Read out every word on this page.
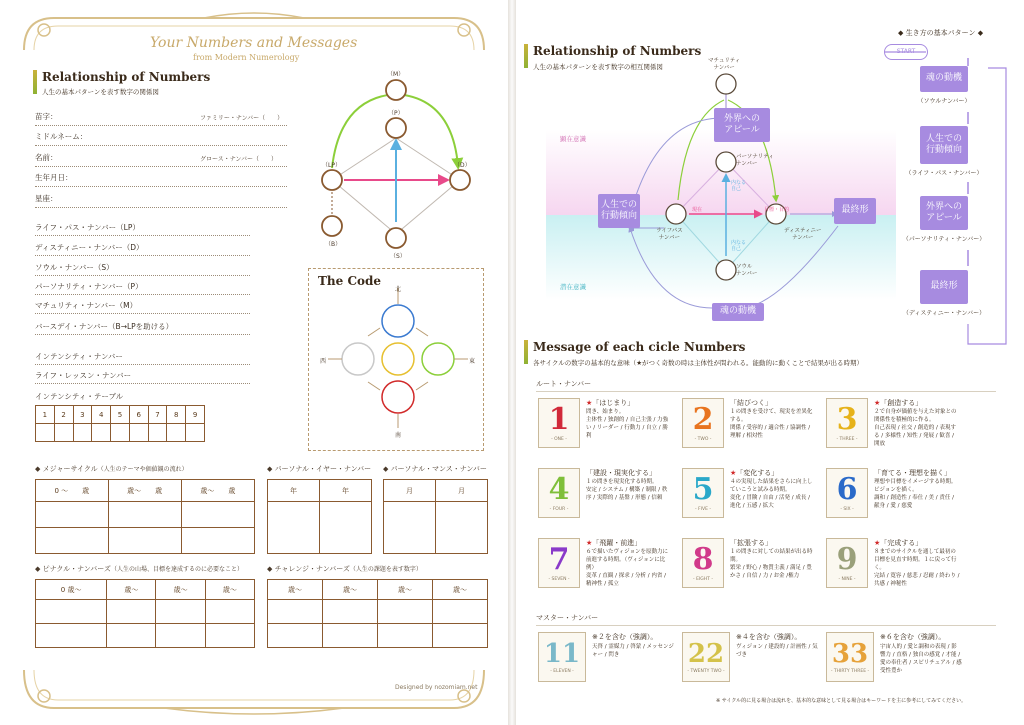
Your Numbers and Messages
from Modern Numerology
Relationship of Numbers
人生の基本パターンを表す数字の関係図
苗字：	ファミリー・ナンバー（　　）
ミドルネーム：
名前：	グロース・ナンバー（　　）
生年月日：
星座：
ライフ・パス・ナンバー（LP）
ディスティニー・ナンバー（D）
ソウル・ナンバー（S）
パーソナリティ・ナンバー（P）
マチュリティ・ナンバー（M）
バースデイ・ナンバー（B→LPを助ける）
インテンシティ・ナンバー
ライフ・レッスン・ナンバー
インテンシティ・テーブル
1	2	3	4	5	6	7	8	9

（M）
（P）
（LP）	（D）
（B）
（S）
The Code
北
南
西	東
◆ メジャーサイクル（人生のテーマや価値観の流れ）
0 ～　　歳	歳～　　歳	歳～　　歳

◆ パーソナル・イヤー・ナンバー
年	年

◆ パーソナル・マンス・ナンバー
月	月

◆ ピナクル・ナンバーズ（人生の山場、目標を達成するのに必要なこと）
0 歳～	歳～	歳～	歳～

◆ チャレンジ・ナンバーズ（人生の課題を表す数字）
歳～	歳～	歳～	歳～

Designed by nozomiam.net
Relationship of Numbers
人生の基本パターンを表す数字の相互関係図
顕在意識
潜在意識
マチュリティ
ナンバー
パーソナリティ
ナンバー
ライフパス
ナンバー
ディスティニー
ナンバー
ソウル
ナンバー
内なる
自己
内なる
自己
現在	目標・目的
外界への
アピール
人生での
行動傾向
最終形
魂の動機
◆ 生き方の基本パターン ◆
START
魂の動機
（ソウルナンバー）
人生での
行動傾向
（ライフ・パス・ナンバー）
外界への
アピール
（パーソナリティ・ナンバー）
最終形
（ディスティニー・ナンバー）
Message of each cicle Numbers
各サイクルの数字の基本的な意味（★がつく奇数の時は主体性が問われる。能動的に動くことで結果が出る時期）
ルート・ナンバー
1
- ONE -
★「はじまり」
問き、始まり。
主体性 / 独創的 / 自己主張 / 力強い / リーダー / 行動力 / 自立 / 勝利	2
- TWO -
「結びつく」
１の問きを受けて、現実を差異化する。
関係 / 受容的 / 適合性 / 協調性 / 理解 / 相対性	3
- THREE -
★「創造する」
２で自身が価値を与えた対象との関係性を積極的に作る。
自己表現 / 社交 / 創造的 / 表現する / 多様性 / 知性 / 発展 / 歓喜 / 開放
4
- FOUR -
「建設・現実化する」
１の問きを現実化する時期。
安定 / システム / 構築 / 制限 / 秩序 / 実際的 / 基盤 / 形態 / 信頼	5
- FIVE -
★「変化する」
４の実現した結果をさらに向上していこうと試みる時期。
変化 / 冒険 / 自由 / 活発 / 成長 / 進化 / 五感 / 拡大	6
- SIX -
「育てる・理想を描く」
理想や目標をイメージする時期。ビジョンを描く。
調和 / 創造性 / 奉仕 / 美 / 責任 / 献身 / 愛 / 慈愛
7
- SEVEN -
★「飛躍・前進」
６で描いたヴィジョンを原動力に前進する時期。（ヴィジョンに比例）
変革 / 直観 / 探求 / 分析 / 内省 / 精神性 / 孤立
8
- EIGHT -
「拡張する」
１の問きに対しての結果が出る時期。
繁栄 / 野心 / 物質主義 / 満足 / 豊かさ / 自信 / 力 / お金 /権力	9
- NINE -
★「完成する」
８までのサイクルを通して最初の目標を見直す時期。１に戻って行く。
完結 / 寛容 / 慈悲 / 忍耐 / 終わり / 共感 / 神秘性
マスター・ナンバー
11
- ELEVEN -
※２を含む（強調）。
天啓 / 霊媒力 / 啓蒙 / メッセンジャー / 閃き	22
- TWENTY TWO -
※４を含む（強調）。
ヴィジョン / 建設的 / 計画性 / 気づき	33
- THIRTY THREE -
※６を含む（強調）。
宇宙人的 / 愛と調和の表現 / 影響力 / 直格 / 独自の感覚 / 才能 / 愛の奉仕者 / スピリチュアル / 感受性豊か
※ サイクル的に見る場合は流れを、基本的な意味として見る場合はキーワードを主に参考にしてみてください。
